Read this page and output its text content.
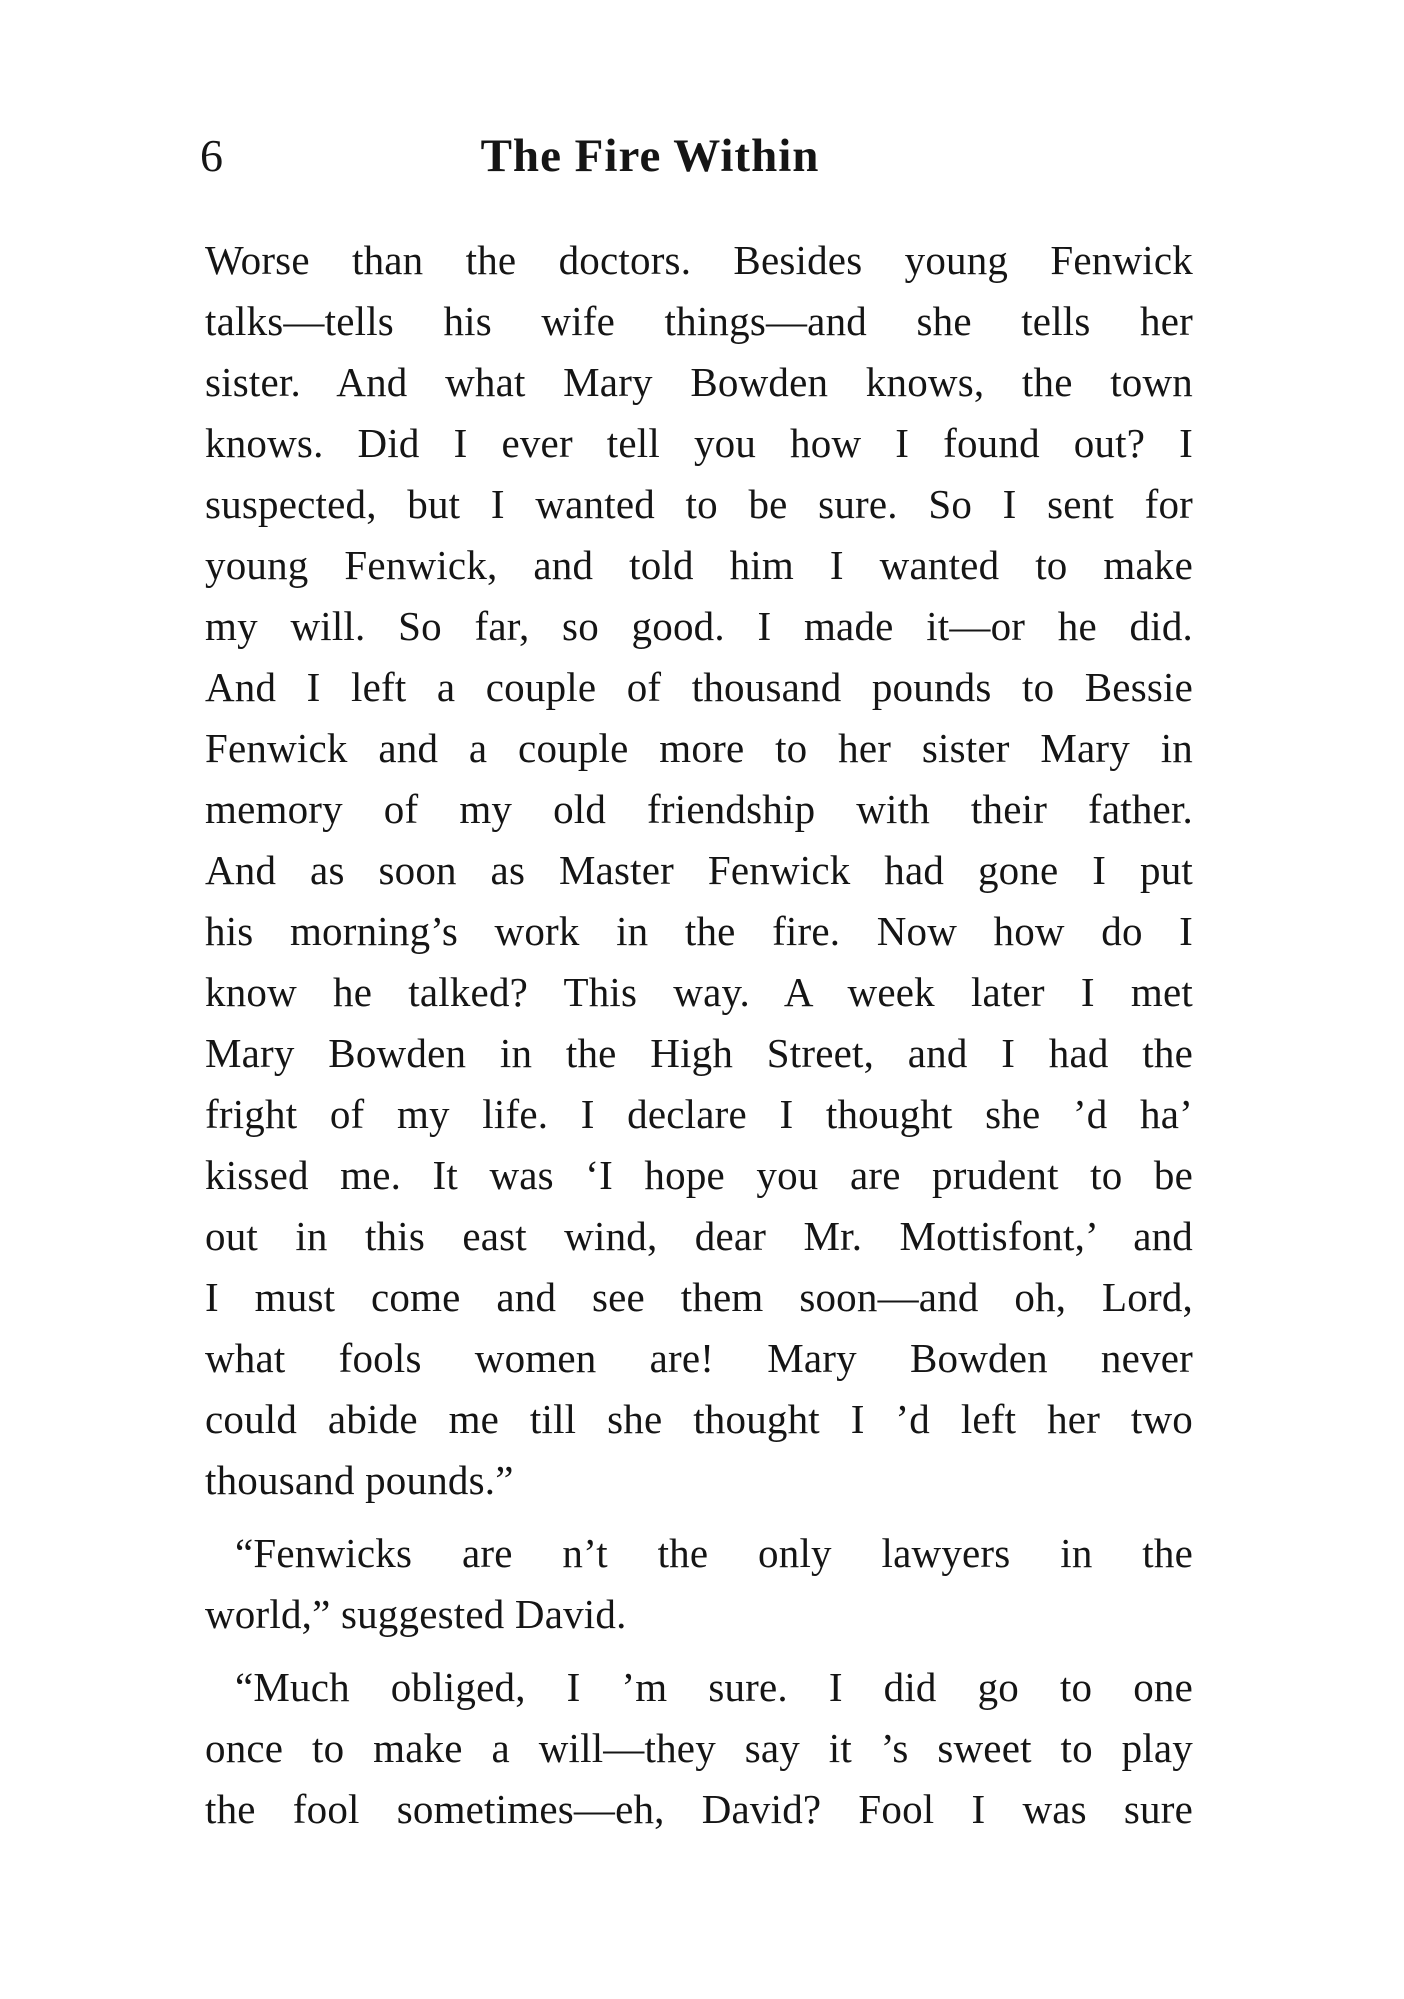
6	The Fire Within
Worse than the doctors. Besides young Fenwick
talks—tells his wife things—and she tells her
sister. And what Mary Bowden knows, the town
knows. Did I ever tell you how I found out? I
suspected, but I wanted to be sure. So I sent for
young Fenwick, and told him I wanted to make
my will. So far, so good. I made it—or he did.
And I left a couple of thousand pounds to Bessie
Fenwick and a couple more to her sister Mary in
memory of my old friendship with their father.
And as soon as Master Fenwick had gone I put
his morning’s work in the fire. Now how do I
know he talked? This way. A week later I met
Mary Bowden in the High Street, and I had the
fright of my life. I declare I thought she ’d ha’
kissed me. It was ‘I hope you are prudent to be
out in this east wind, dear Mr. Mottisfont,’ and
I must come and see them soon—and oh, Lord,
what fools women are! Mary Bowden never
could abide me till she thought I ’d left her two
thousand pounds.”
“Fenwicks are n’t the only lawyers in the
world,” suggested David.
“Much obliged, I ’m sure. I did go to one
once to make a will—they say it ’s sweet to play
the fool sometimes—eh, David? Fool I was sure
